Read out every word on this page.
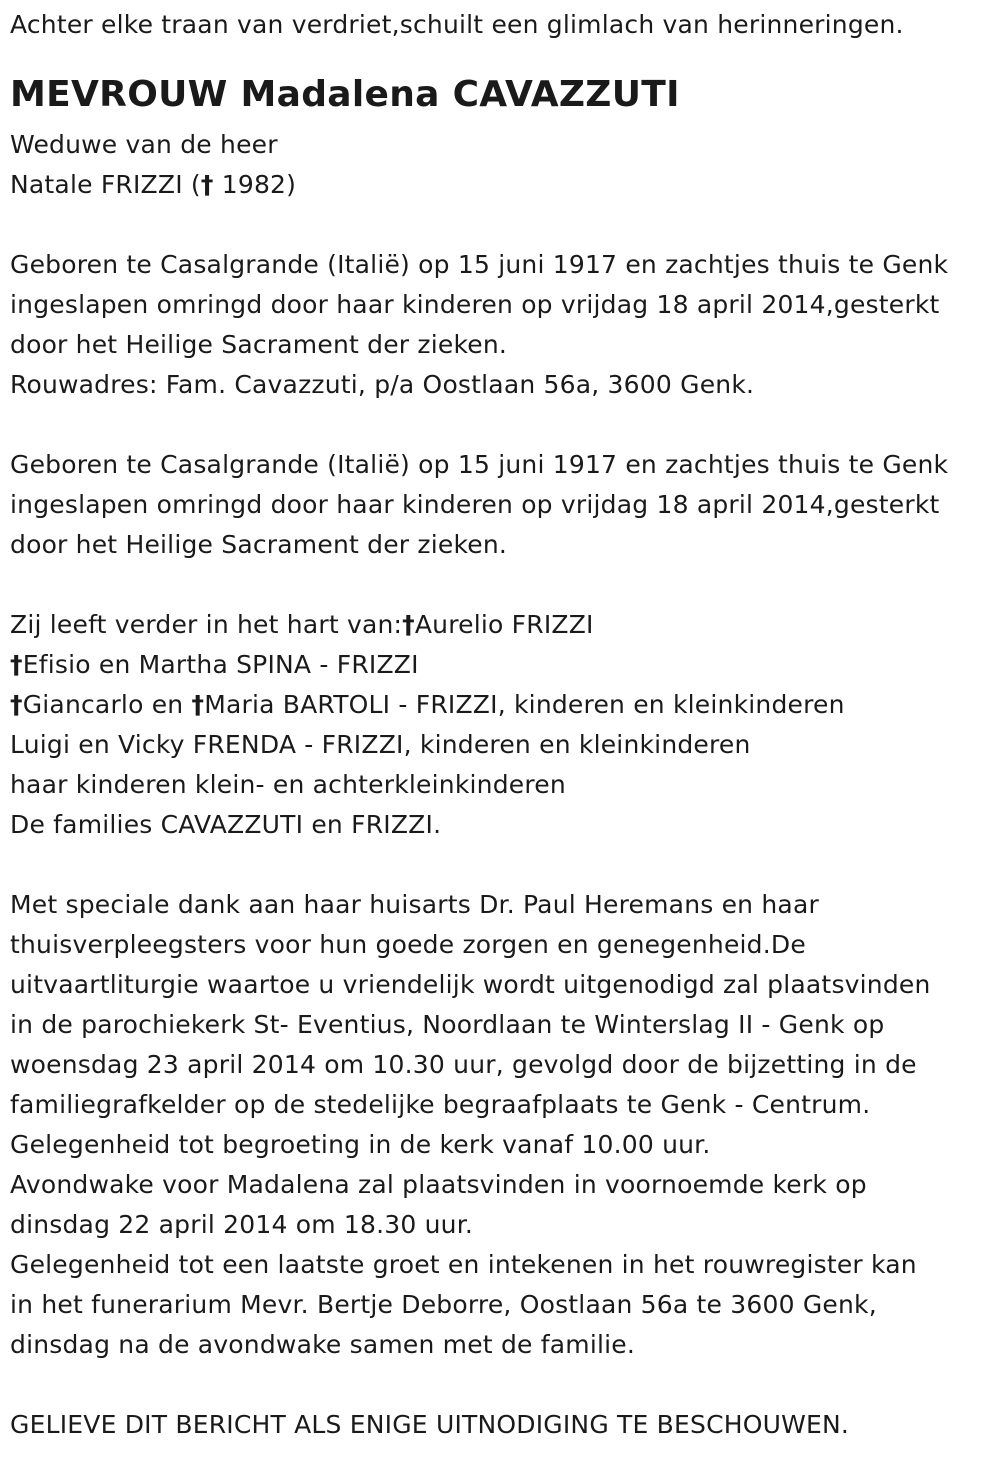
Achter elke traan van verdriet,schuilt een glimlach van herinneringen.
MEVROUW Madalena CAVAZZUTI
Weduwe van de heer
Natale FRIZZI († 1982)
Geboren te Casalgrande (Italië) op 15 juni 1917 en zachtjes thuis te Genk
ingeslapen omringd door haar kinderen op vrijdag 18 april 2014,gesterkt
door het Heilige Sacrament der zieken.
Rouwadres: Fam. Cavazzuti, p/a Oostlaan 56a, 3600 Genk.
Geboren te Casalgrande (Italië) op 15 juni 1917 en zachtjes thuis te Genk
ingeslapen omringd door haar kinderen op vrijdag 18 april 2014,gesterkt
door het Heilige Sacrament der zieken.
Zij leeft verder in het hart van:†Aurelio FRIZZI
†Efisio en Martha SPINA - FRIZZI
†Giancarlo en †Maria BARTOLI - FRIZZI, kinderen en kleinkinderen
Luigi en Vicky FRENDA - FRIZZI, kinderen en kleinkinderen
haar kinderen klein- en achterkleinkinderen
De families CAVAZZUTI en FRIZZI.
Met speciale dank aan haar huisarts Dr. Paul Heremans en haar
thuisverpleegsters voor hun goede zorgen en genegenheid.De
uitvaartliturgie waartoe u vriendelijk wordt uitgenodigd zal plaatsvinden
in de parochiekerk St- Eventius, Noordlaan te Winterslag II - Genk op
woensdag 23 april 2014 om 10.30 uur, gevolgd door de bijzetting in de
familiegrafkelder op de stedelijke begraafplaats te Genk - Centrum.
Gelegenheid tot begroeting in de kerk vanaf 10.00 uur.
Avondwake voor Madalena zal plaatsvinden in voornoemde kerk op
dinsdag 22 april 2014 om 18.30 uur.
Gelegenheid tot een laatste groet en intekenen in het rouwregister kan
in het funerarium Mevr. Bertje Deborre, Oostlaan 56a te 3600 Genk,
dinsdag na de avondwake samen met de familie.
GELIEVE DIT BERICHT ALS ENIGE UITNODIGING TE BESCHOUWEN.
